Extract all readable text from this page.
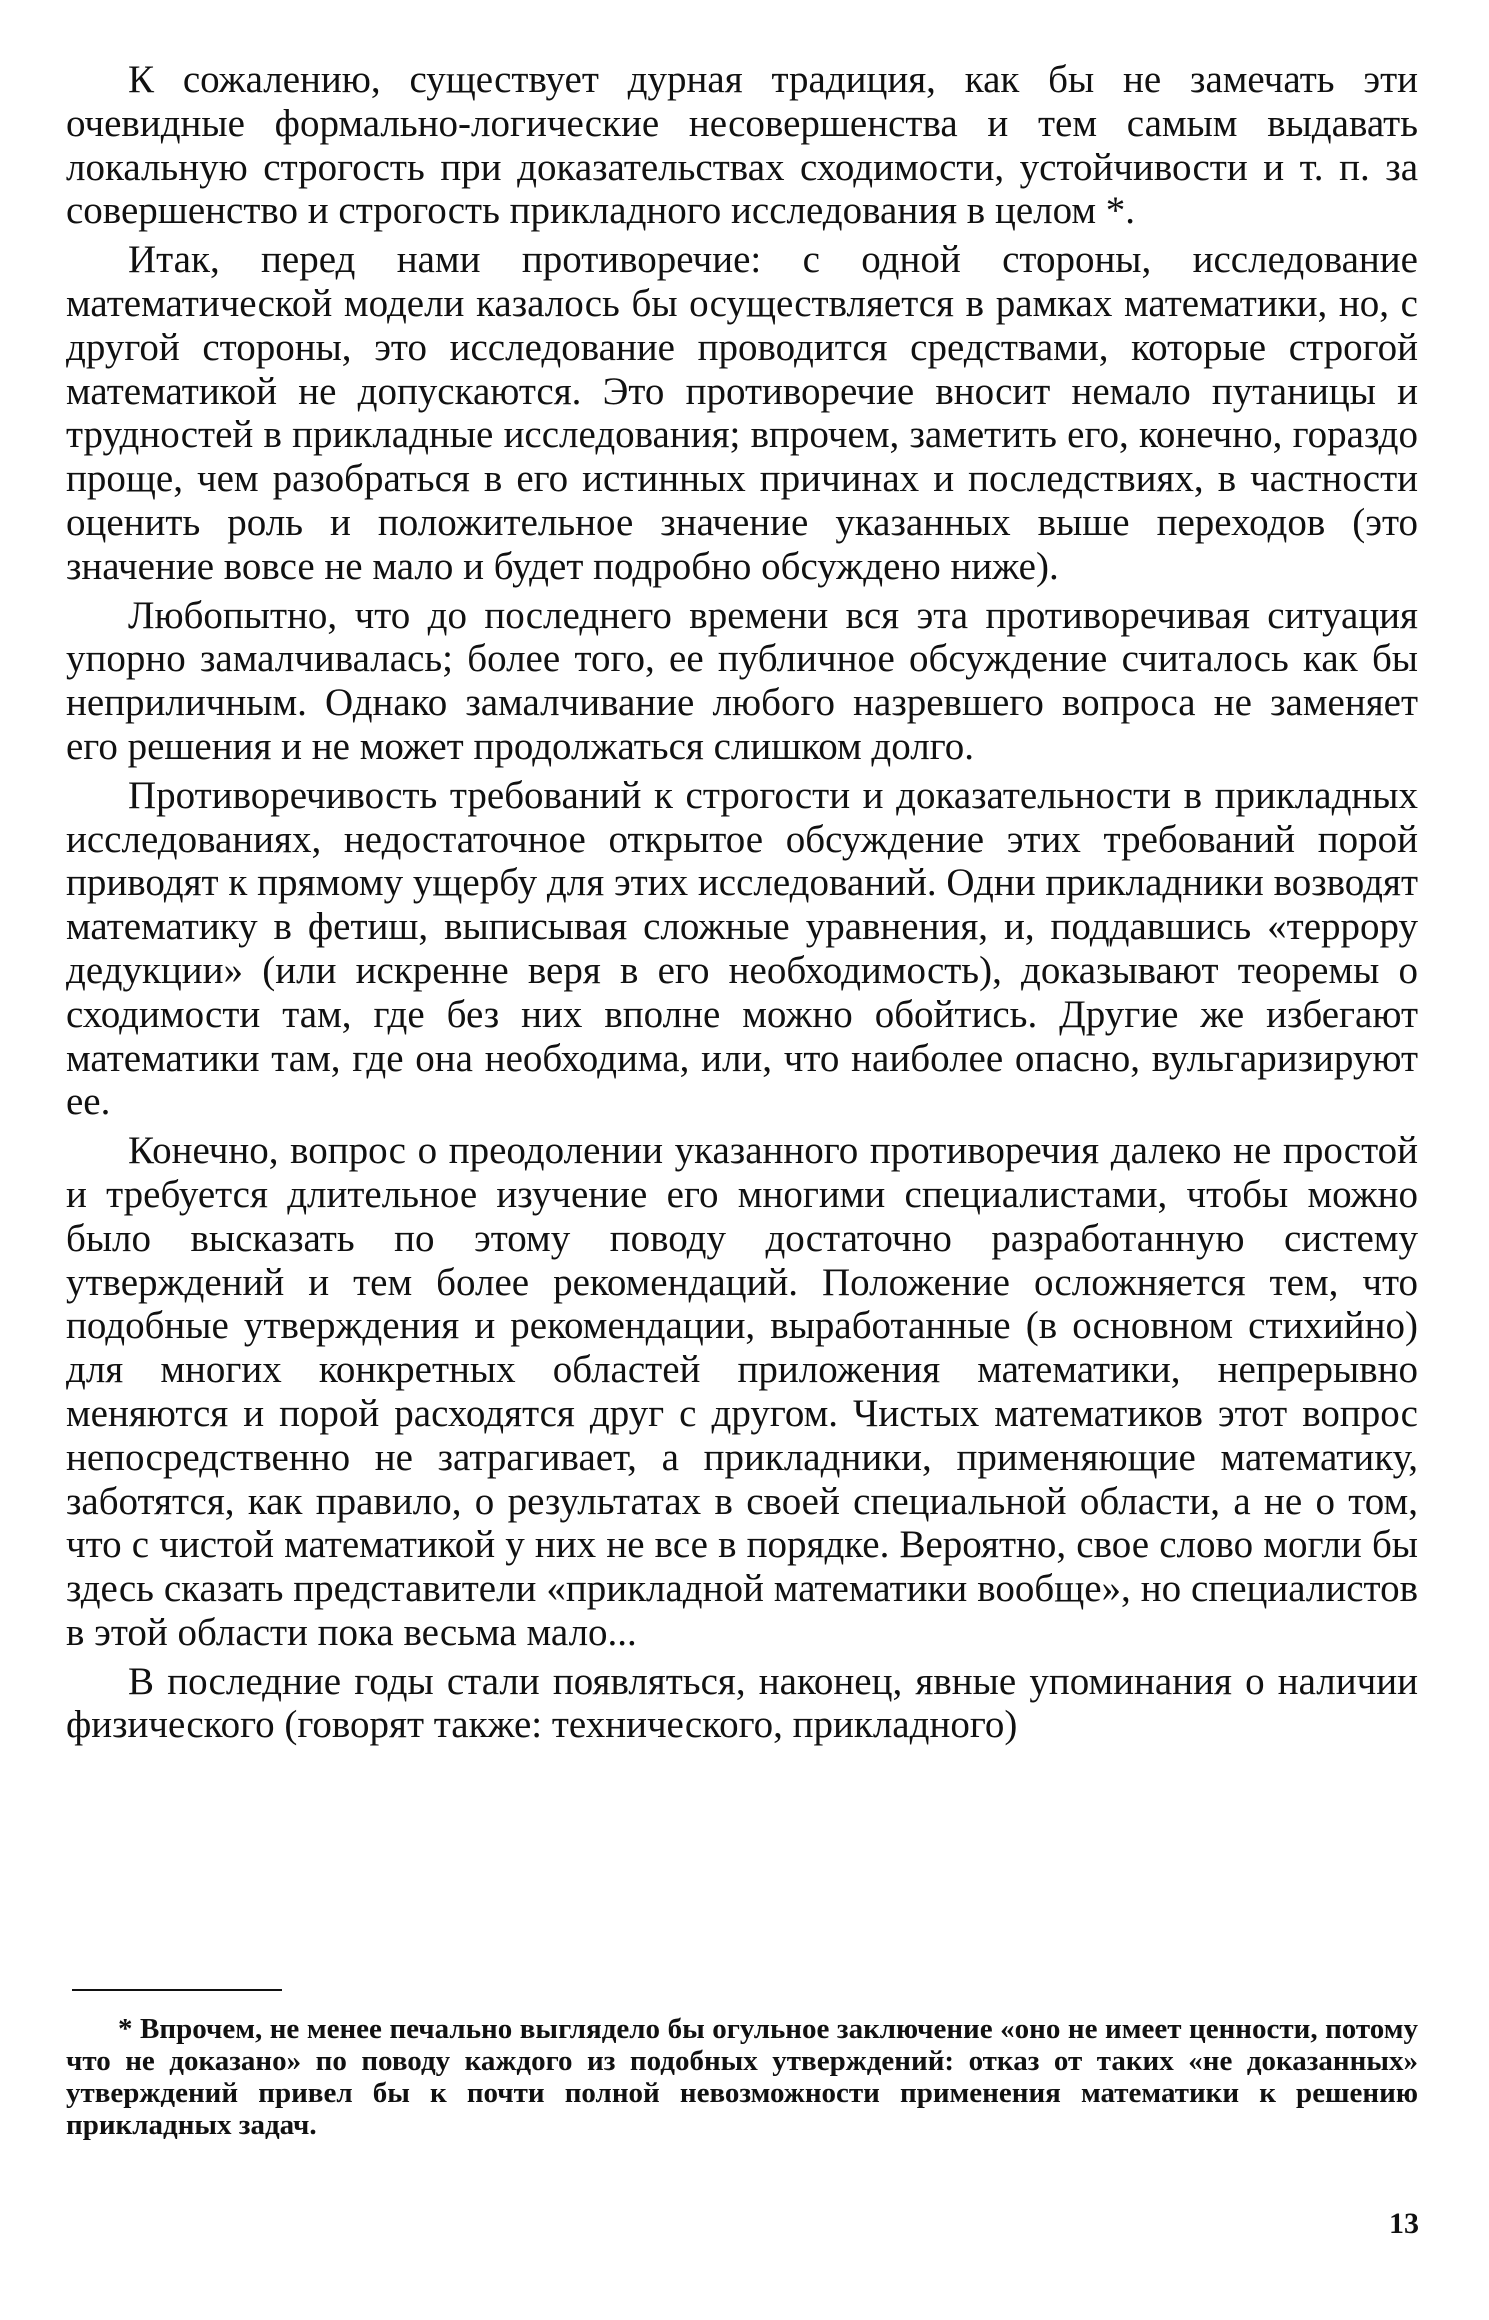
К сожалению, существует дурная традиция, как бы не замечать эти очевидные формально-логические несовершенства и тем самым выдавать локальную строгость при доказательствах сходимости, устойчивости и т. п. за совершенство и строгость прикладного исследования в целом *.

Итак, перед нами противоречие: с одной стороны, исследование математической модели казалось бы осуществляется в рамках математики, но, с другой стороны, это исследование проводится средствами, которые строгой математикой не допускаются. Это противоречие вносит немало путаницы и трудностей в прикладные исследования; впрочем, заметить его, конечно, гораздо проще, чем разобраться в его истинных причинах и последствиях, в частности оценить роль и положительное значение указанных выше переходов (это значение вовсе не мало и будет подробно обсуждено ниже).

Любопытно, что до последнего времени вся эта противоречивая ситуация упорно замалчивалась; более того, ее публичное обсуждение считалось как бы неприличным. Однако замалчивание любого назревшего вопроса не заменяет его решения и не может продолжаться слишком долго.

Противоречивость требований к строгости и доказательности в прикладных исследованиях, недостаточное открытое обсуждение этих требований порой приводят к прямому ущербу для этих исследований. Одни прикладники возводят математику в фетиш, выписывая сложные уравнения, и, поддавшись «террору дедукции» (или искренне веря в его необходимость), доказывают теоремы о сходимости там, где без них вполне можно обойтись. Другие же избегают математики там, где она необходима, или, что наиболее опасно, вульгаризируют ее.

Конечно, вопрос о преодолении указанного противоречия далеко не простой и требуется длительное изучение его многими специалистами, чтобы можно было высказать по этому поводу достаточно разработанную систему утверждений и тем более рекомендаций. Положение осложняется тем, что подобные утверждения и рекомендации, выработанные (в основном стихийно) для многих конкретных областей приложения математики, непрерывно меняются и порой расходятся друг с другом. Чистых математиков этот вопрос непосредственно не затрагивает, а прикладники, применяющие математику, заботятся, как правило, о результатах в своей специальной области, а не о том, что с чистой математикой у них не все в порядке. Вероятно, свое слово могли бы здесь сказать представители «прикладной математики вообще», но специалистов в этой области пока весьма мало...

В последние годы стали появляться, наконец, явные упоминания о наличии физического (говорят также: технического, прикладного)

* Впрочем, не менее печально выглядело бы огульное заключение «оно не имеет ценности, потому что не доказано» по поводу каждого из подобных утверждений: отказ от таких «не доказанных» утверждений привел бы к почти полной невозможности применения математики к решению прикладных задач.

13
